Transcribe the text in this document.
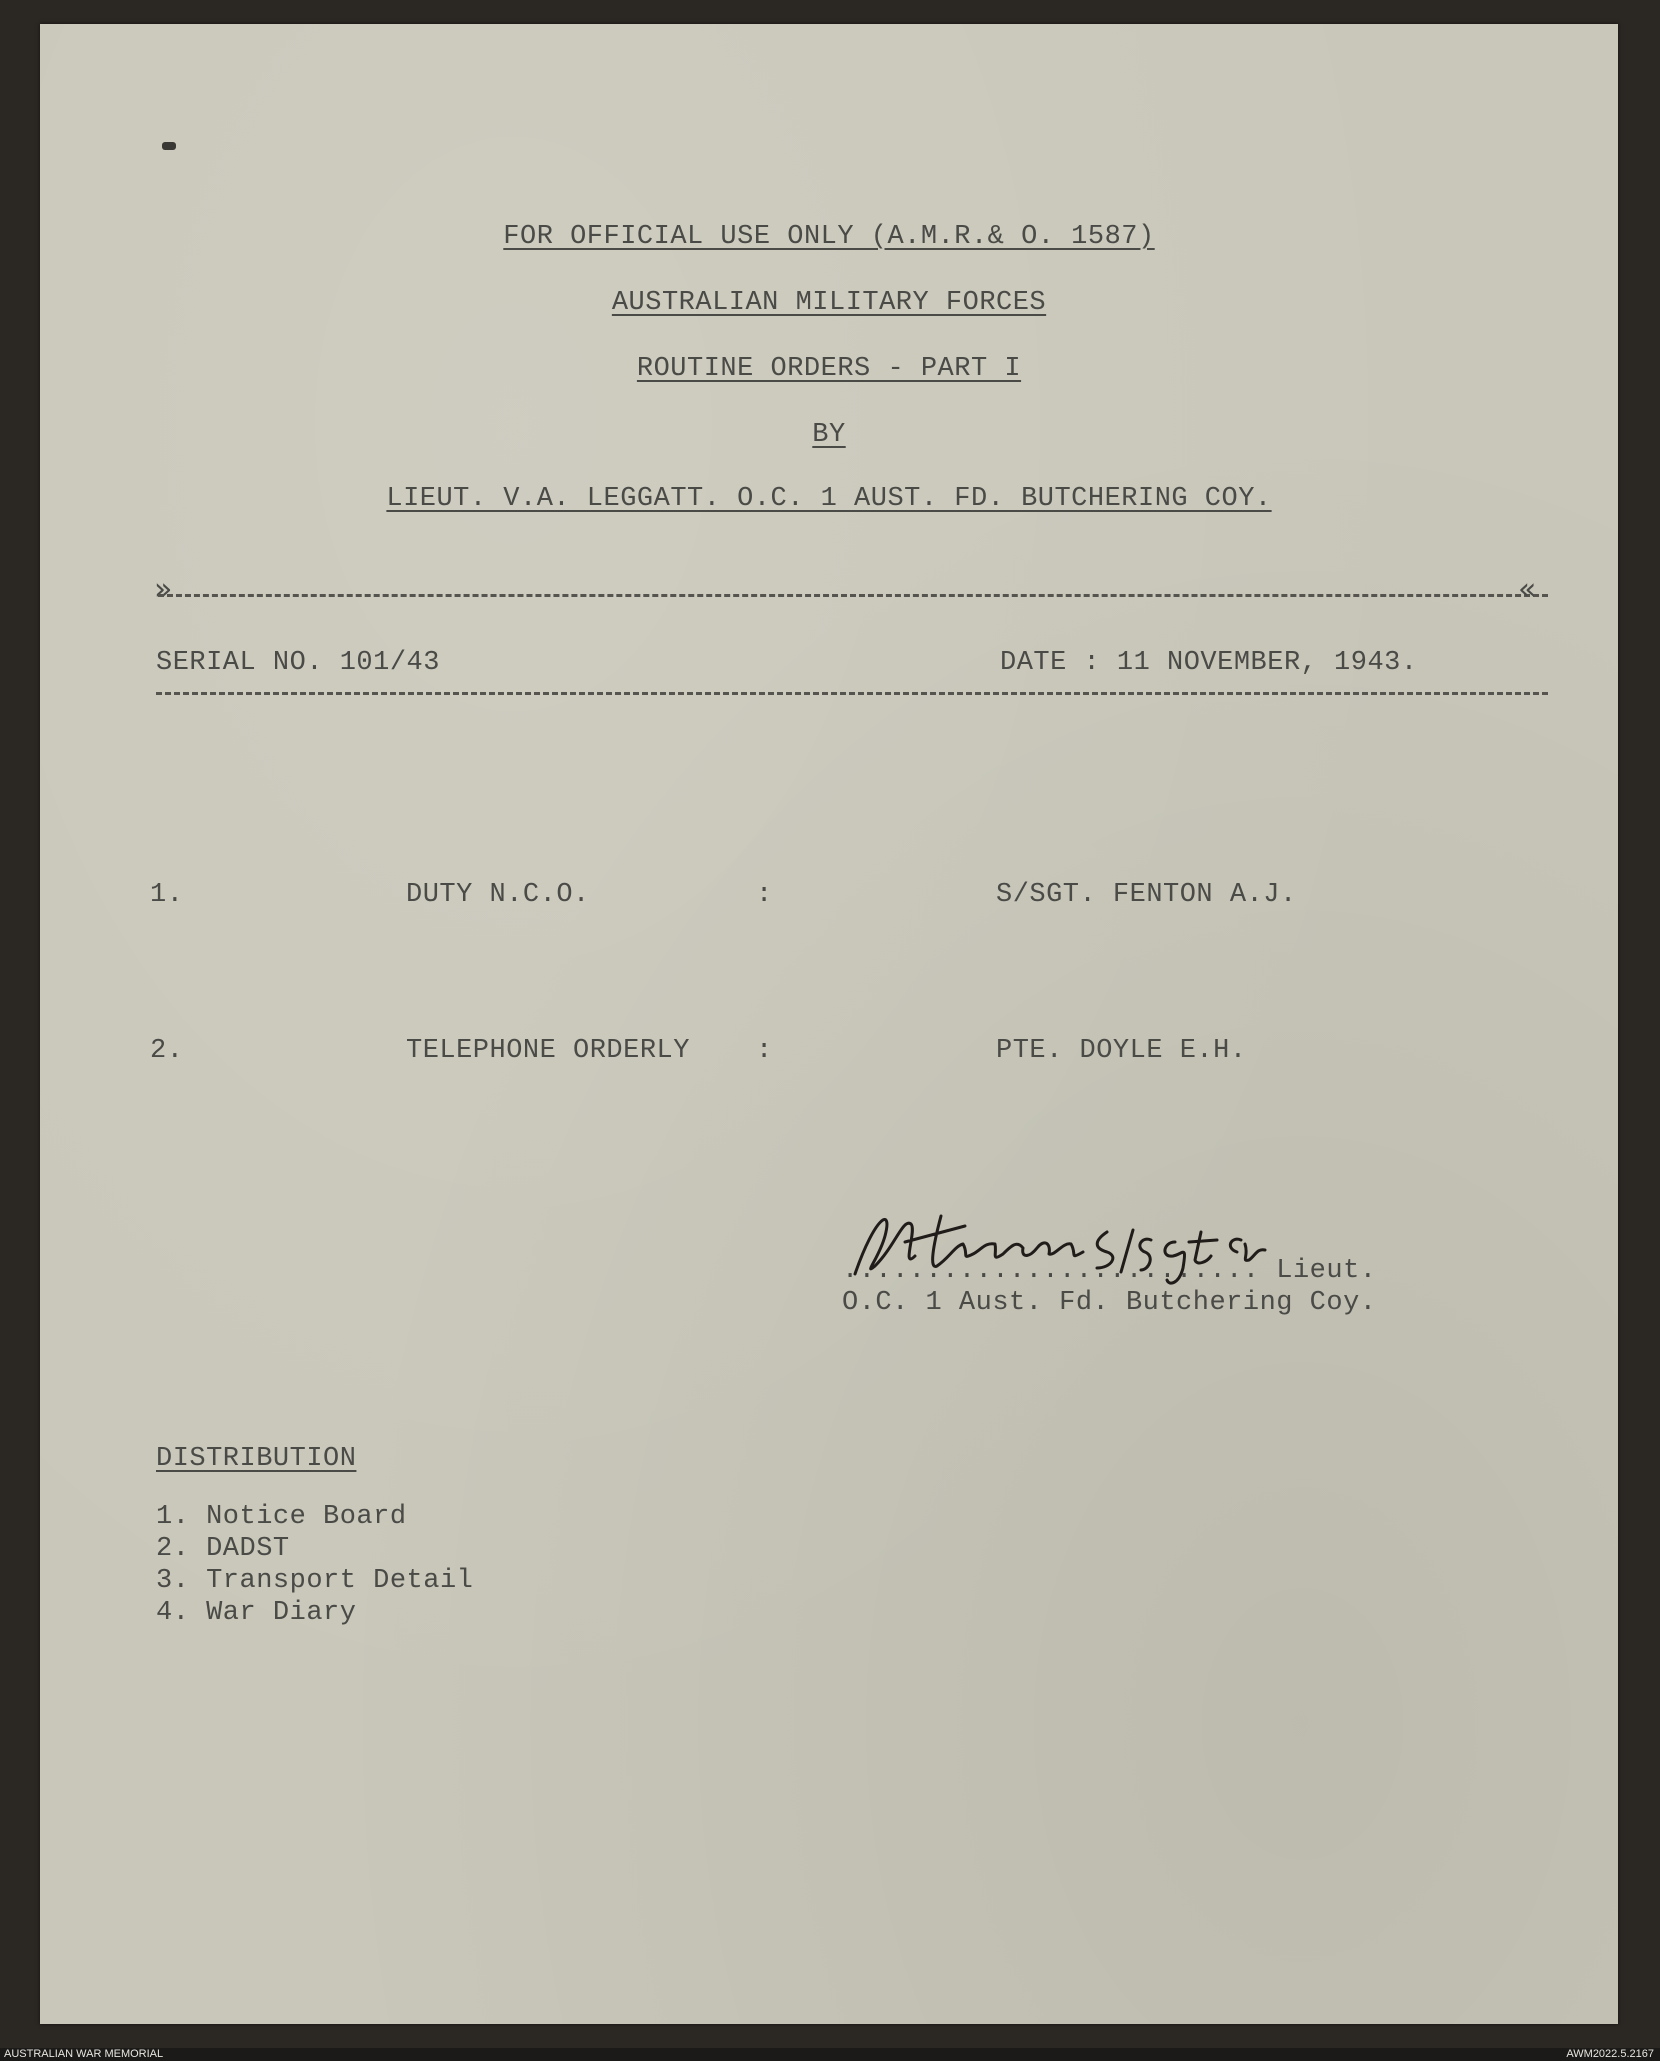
FOR OFFICIAL USE ONLY (A.M.R.& O. 1587)
AUSTRALIAN MILITARY FORCES
ROUTINE ORDERS - PART I
BY
LIEUT. V.A. LEGGATT. O.C. 1 AUST. FD. BUTCHERING COY.
»	«
SERIAL NO. 101/43	DATE : 11 NOVEMBER, 1943.
1.	DUTY N.C.O.	:	S/SGT. FENTON A.J.
2.	TELEPHONE ORDERLY :	PTE. DOYLE E.H.
......................... Lieut.
O.C. 1 Aust. Fd. Butchering Coy.
DISTRIBUTION
1. Notice Board
2. DADST
3. Transport Detail
4. War Diary
AUSTRALIAN WAR MEMORIAL	AWM2022.5.2167
